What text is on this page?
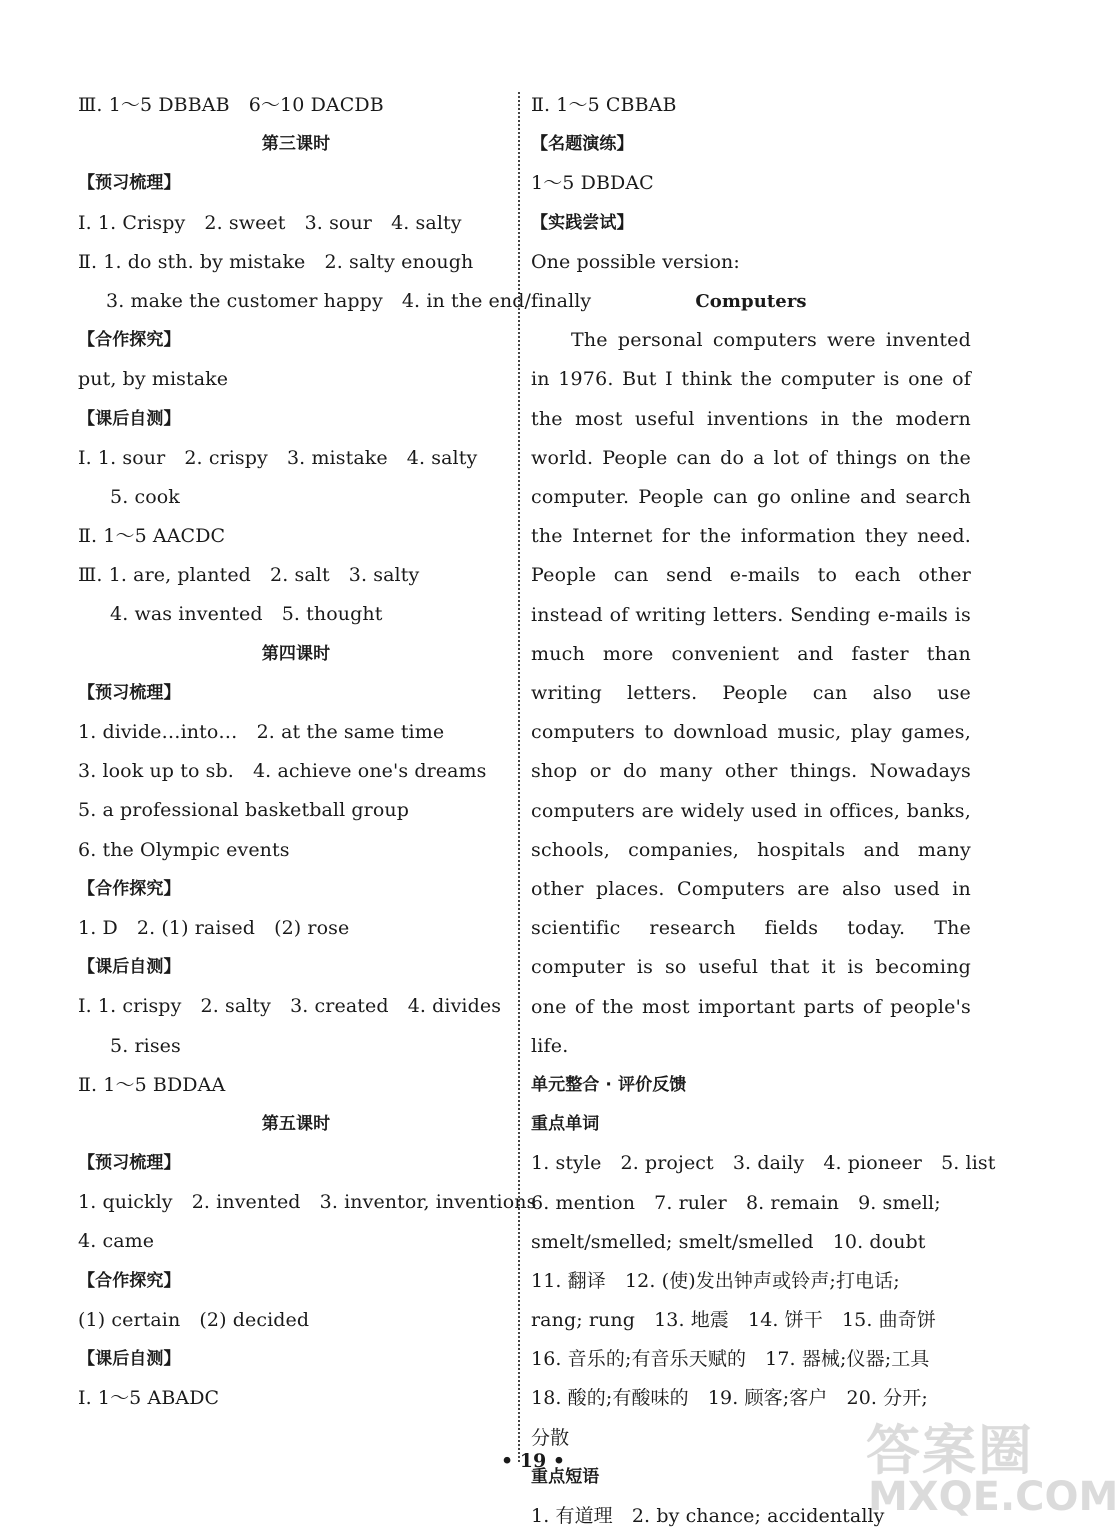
Ⅲ. 1～5 DBBAB　6～10 DACDB
第三课时
【预习梳理】
Ⅰ. 1. Crispy　2. sweet　3. sour　4. salty
Ⅱ. 1. do sth. by mistake　2. salty enough
3. make the customer happy　4. in the end/finally
【合作探究】
put, by mistake
【课后自测】
Ⅰ. 1. sour　2. crispy　3. mistake　4. salty
5. cook
Ⅱ. 1～5 AACDC
Ⅲ. 1. are, planted　2. salt　3. salty
4. was invented　5. thought
第四课时
【预习梳理】
1. divide…into…　2. at the same time
3. look up to sb.　4. achieve one's dreams
5. a professional basketball group
6. the Olympic events
【合作探究】
1. D　2. (1) raised　(2) rose
【课后自测】
Ⅰ. 1. crispy　2. salty　3. created　4. divides
5. rises
Ⅱ. 1～5 BDDAA
第五课时
【预习梳理】
1. quickly　2. invented　3. inventor, inventions
4. came
【合作探究】
(1) certain　(2) decided
【课后自测】
Ⅰ. 1～5 ABADC
Ⅱ. 1～5 CBBAB
【名题演练】
1～5 DBDAC
【实践尝试】
One possible version:
Computers

The personal computers were invented in 1976. But I think the computer is one of the most useful inventions in the modern world. People can do a lot of things on the computer. People can go online and search the Internet for the information they need. People can send e-mails to each other instead of writing letters. Sending e-mails is much more convenient and faster than writing letters. People can also use computers to download music, play games, shop or do many other things. Nowadays computers are widely used in offices, banks, schools, companies, hospitals and many other places. Computers are also used in scientific research fields today. The computer is so useful that it is becoming one of the most important parts of people's life.

单元整合 · 评价反馈
重点单词
1. style　2. project　3. daily　4. pioneer　5. list
6. mention　7. ruler　8. remain　9. smell;
smelt/smelled; smelt/smelled　10. doubt
11. 翻译　12. (使)发出钟声或铃声;打电话;
rang; rung　13. 地震　14. 饼干　15. 曲奇饼
16. 音乐的;有音乐天赋的　17. 器械;仪器;工具
18. 酸的;有酸味的　19. 顾客;客户　20. 分开;
分散
重点短语
1. 有道理　2. by chance; accidentally
• 19 •	答案圈
MXQE.COM
